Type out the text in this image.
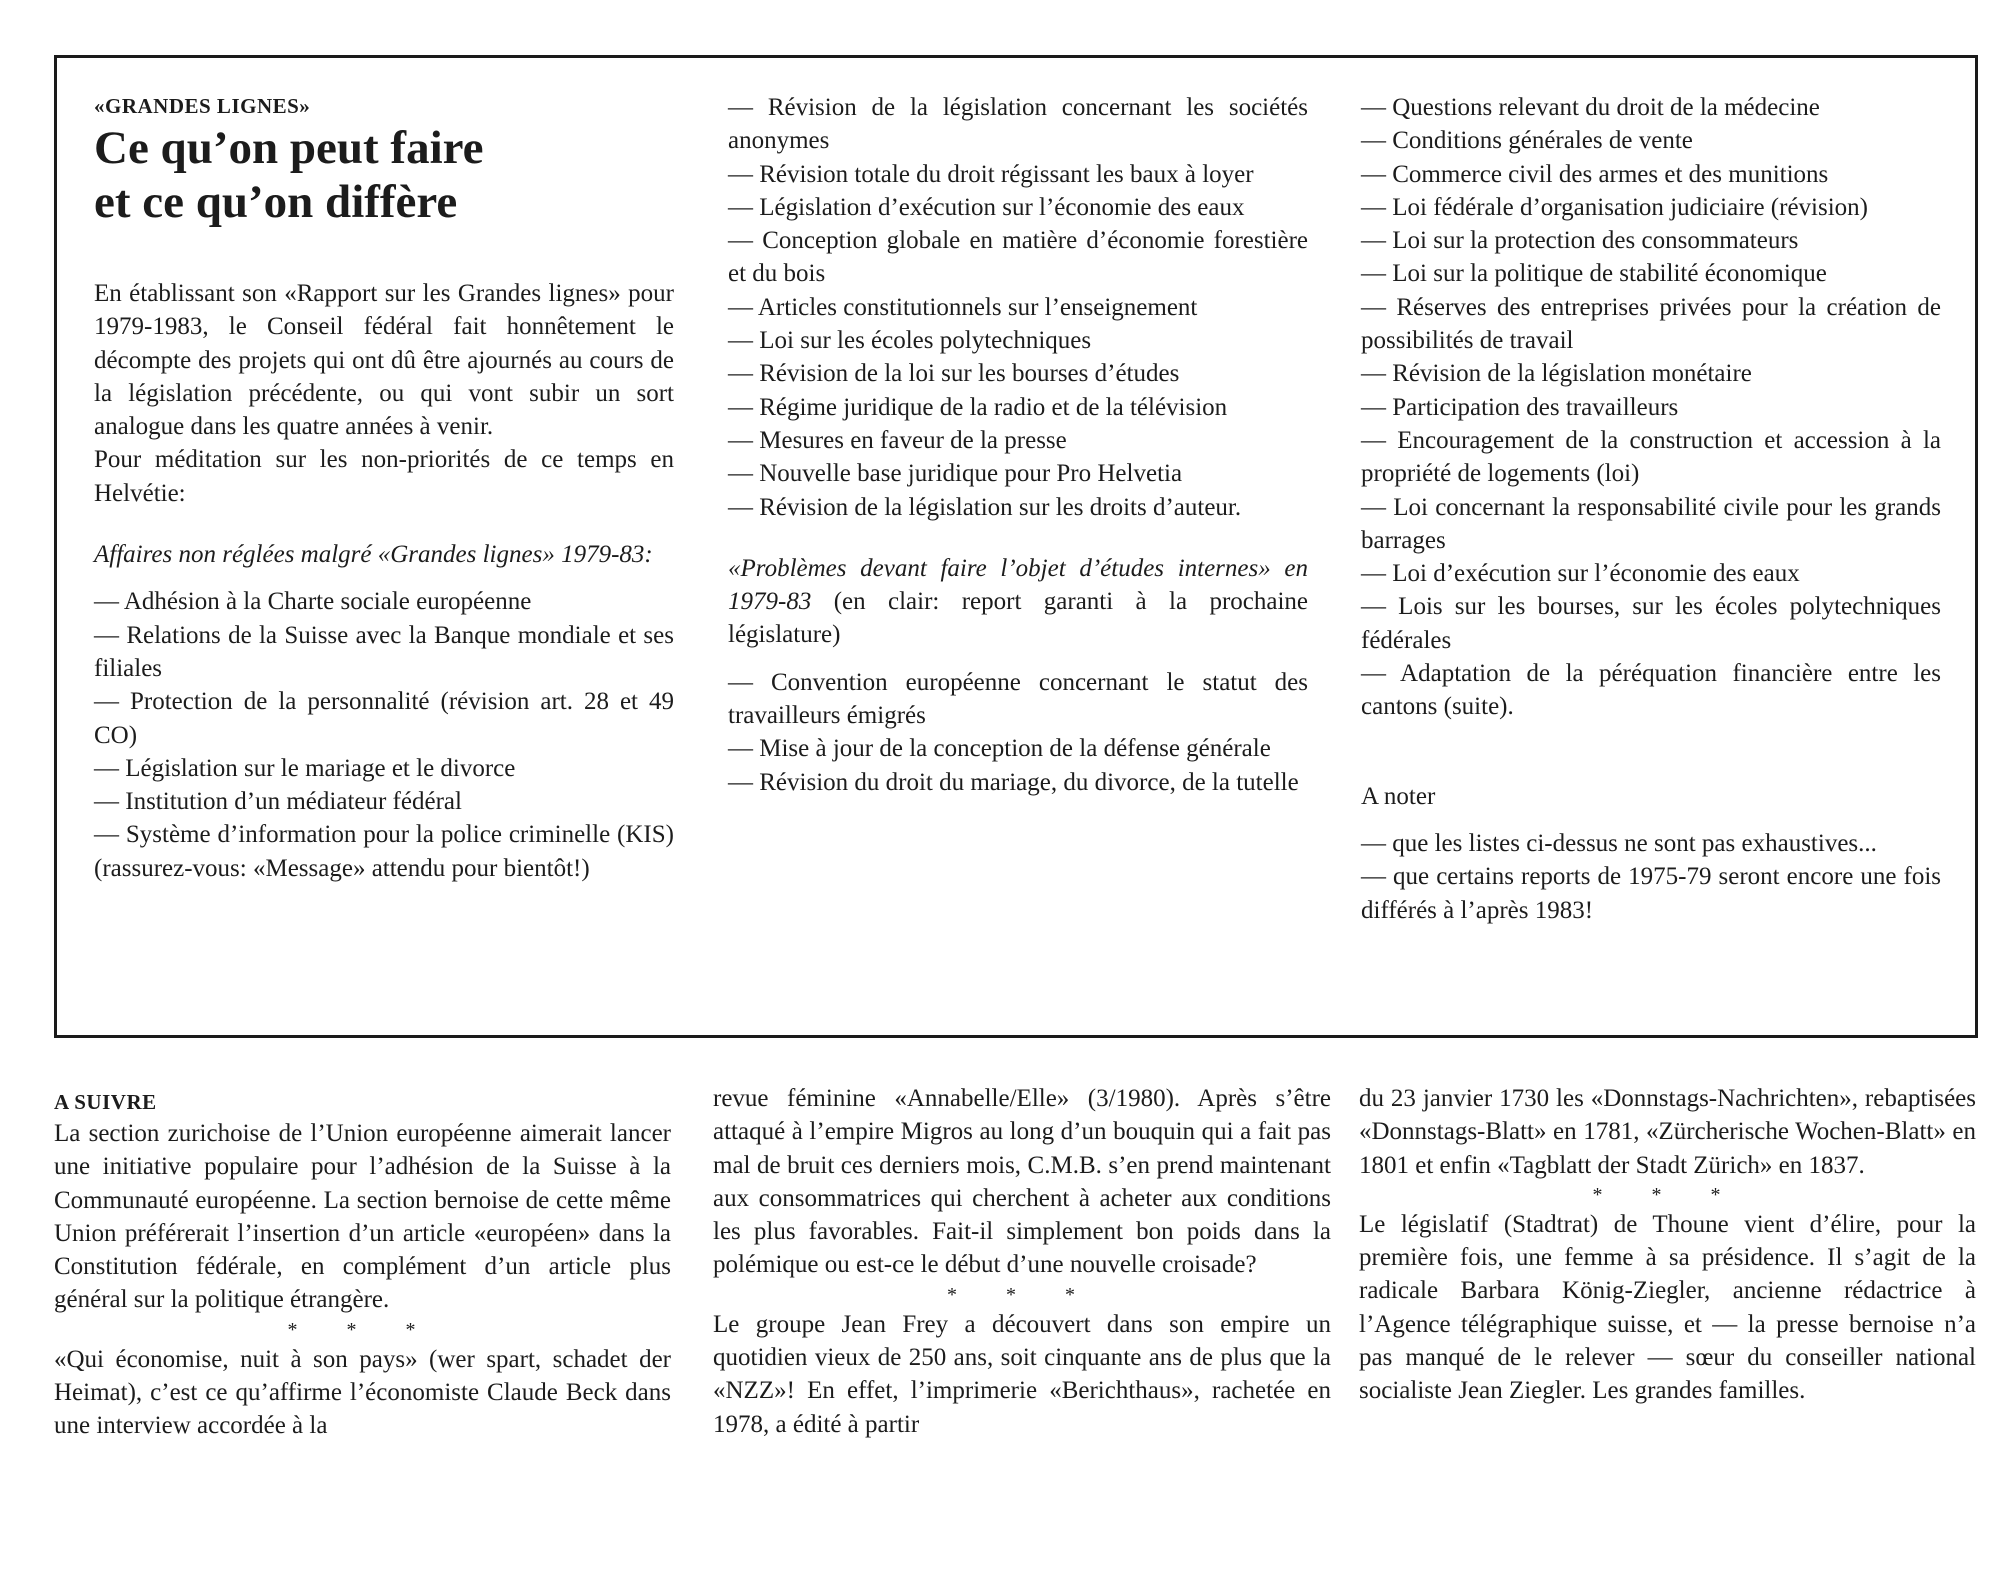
«GRANDES LIGNES»

Ce qu’on peut faire
et ce qu’on diffère

En établissant son «Rapport sur les Grandes lignes» pour 1979-1983, le Conseil fédéral fait honnêtement le décompte des projets qui ont dû être ajournés au cours de la législation précédente, ou qui vont subir un sort analogue dans les quatre années à venir.

Pour méditation sur les non-priorités de ce temps en Helvétie:

Affaires non réglées malgré «Grandes lignes» 1979-83:

— Adhésion à la Charte sociale européenne

— Relations de la Suisse avec la Banque mondiale et ses filiales

— Protection de la personnalité (révision art. 28 et 49 CO)

— Législation sur le mariage et le divorce

— Institution d’un médiateur fédéral

— Système d’information pour la police criminelle (KIS) (rassurez-vous: «Message» attendu pour bientôt!)

— Révision de la législation concernant les sociétés anonymes

— Révision totale du droit régissant les baux à loyer

— Législation d’exécution sur l’économie des eaux

— Conception globale en matière d’économie forestière et du bois

— Articles constitutionnels sur l’enseignement

— Loi sur les écoles polytechniques

— Révision de la loi sur les bourses d’études

— Régime juridique de la radio et de la télévision

— Mesures en faveur de la presse

— Nouvelle base juridique pour Pro Helvetia

— Révision de la législation sur les droits d’auteur.

«Problèmes devant faire l’objet d’études internes» en 1979-83 (en clair: report garanti à la prochaine législature)

— Convention européenne concernant le statut des travailleurs émigrés

— Mise à jour de la conception de la défense générale

— Révision du droit du mariage, du divorce, de la tutelle

— Questions relevant du droit de la médecine

— Conditions générales de vente

— Commerce civil des armes et des munitions

— Loi fédérale d’organisation judiciaire (révision)

— Loi sur la protection des consommateurs

— Loi sur la politique de stabilité économique

— Réserves des entreprises privées pour la création de possibilités de travail

— Révision de la législation monétaire

— Participation des travailleurs

— Encouragement de la construction et accession à la propriété de logements (loi)

— Loi concernant la responsabilité civile pour les grands barrages

— Loi d’exécution sur l’économie des eaux

— Lois sur les bourses, sur les écoles polytechniques fédérales

— Adaptation de la péréquation financière entre les cantons (suite).

A noter

— que les listes ci-dessus ne sont pas exhaustives...

— que certains reports de 1975-79 seront encore une fois différés à l’après 1983!

A SUIVRE

La section zurichoise de l’Union européenne aimerait lancer une initiative populaire pour l’adhésion de la Suisse à la Communauté européenne. La section bernoise de cette même Union préférerait l’insertion d’un article «européen» dans la Constitution fédérale, en complément d’un article plus général sur la politique étrangère.

* * *

«Qui économise, nuit à son pays» (wer spart, schadet der Heimat), c’est ce qu’affirme l’économiste Claude Beck dans une interview accordée à la

revue féminine «Annabelle/Elle» (3/1980). Après s’être attaqué à l’empire Migros au long d’un bouquin qui a fait pas mal de bruit ces derniers mois, C.M.B. s’en prend maintenant aux consommatrices qui cherchent à acheter aux conditions les plus favorables. Fait-il simplement bon poids dans la polémique ou est-ce le début d’une nouvelle croisade?

* * *

Le groupe Jean Frey a découvert dans son empire un quotidien vieux de 250 ans, soit cinquante ans de plus que la «NZZ»! En effet, l’imprimerie «Berichthaus», rachetée en 1978, a édité à partir

du 23 janvier 1730 les «Donnstags-Nachrichten», rebaptisées «Donnstags-Blatt» en 1781, «Zürcherische Wochen-Blatt» en 1801 et enfin «Tagblatt der Stadt Zürich» en 1837.

* * *

Le législatif (Stadtrat) de Thoune vient d’élire, pour la première fois, une femme à sa présidence. Il s’agit de la radicale Barbara König-Ziegler, ancienne rédactrice à l’Agence télégraphique suisse, et — la presse bernoise n’a pas manqué de le relever — sœur du conseiller national socialiste Jean Ziegler. Les grandes familles.
